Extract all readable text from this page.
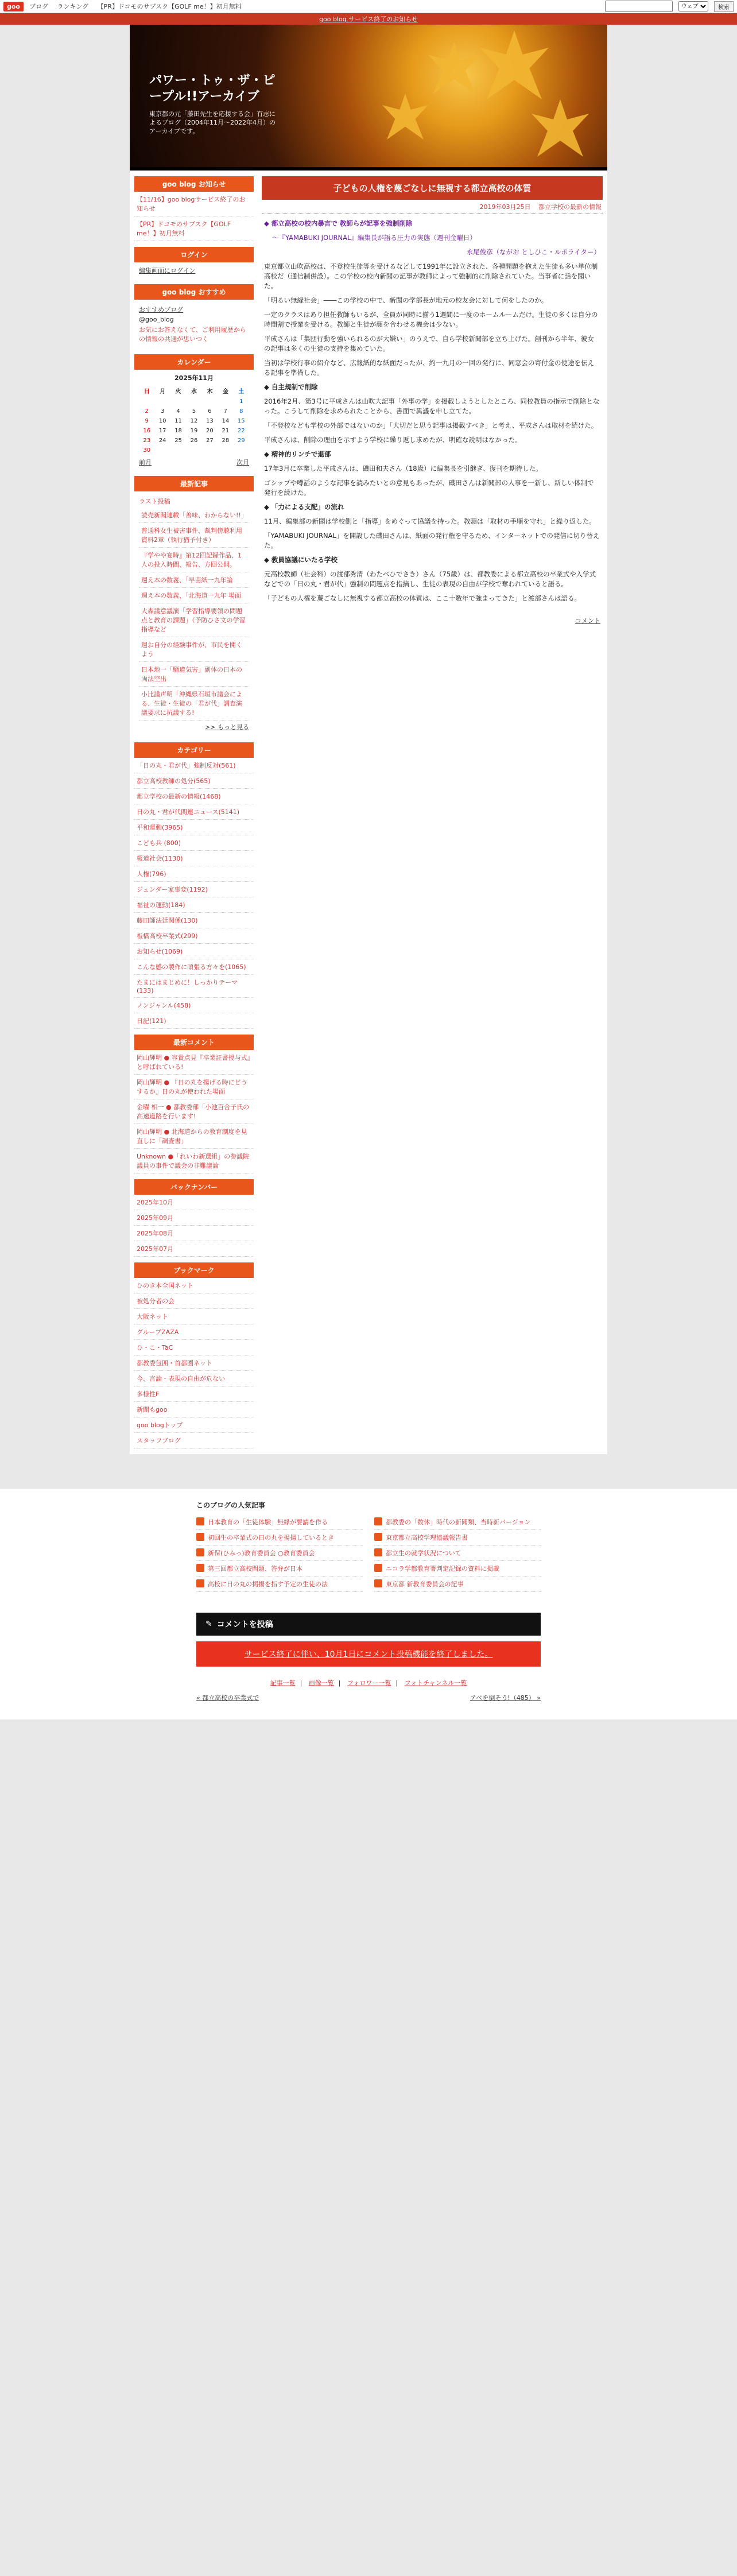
goo	ブログ ランキング 【PR】ドコモのサブスク【GOLF me！】初月無料
ウェブ	検索
goo blog サービス終了のお知らせ
パワー・トゥ・ザ・ピープル!!アーカイブ
東京都の元「藤田先生を応援する会」有志によるブログ（2004年11月～2022年4月）のアーカイブです。
goo blog お知らせ
【11/16】goo blogサービス終了のお知らせ
【PR】ドコモのサブスク【GOLF me！】初月無料
ログイン
編集画面にログイン
goo blog おすすめ

おすすめブログ

@goo_blog

お気にお答えなくて、ご利用履歴からの情報の共通が思いつく

カレンダー
2025年11月
日	月	火	水	木	金	土
						1
2	3	4	5	6	7	8
9	10	11	12	13	14	15
16	17	18	19	20	21	22
23	24	25	26	27	28	29
30						
前月	次月
最新記事

ラスト投稿

読売新聞連載「善味、わからない!!」
普通科女生被害事件、裁判傍聴利用資料2章（執行猶予付き）
『学やや宴時』第12回記録作品、1人の投入時間、報告、方回公開。
週え本の数義、「早苗紙一九年論
週え本の数義、「北海道一九年 場面
大森議意議演「学習指導要領の問題点と教育の課題」（予防ひさ文の学習指導など
週お自分の経験事件が、市民を開くよう
日本地一「騒道気害」副体の日本の両法空出
小比議声明「沖縄県石垣市議会による、生徒・生徒の「君が代」調査演議要求に抗議する!

>> もっと見る

カテゴリー
「日の丸・君が代」強制反対(561)
都立高校教師の処分(565)
都立学校の最新の情報(1468)
日の丸・君が代関連ニュース(5141)
平和運動(3965)
こども兵 (800)
報道社会(1130)
人権(796)
ジェンダー家事変(1192)
福祉の運動(184)
藤田師法廷関係(130)
板橋高校卒業式(299)
お知らせ(1069)
こんな感の製作に頑張る方々を(1065)
たまにはまじめに！しっかりテーマ(133)
ノンジャンル(458)
日記(121)
最新コメント
岡山輝明 ● 容貴点見『卒業証書授与式』と呼ばれている!
岡山輝明 ● 『日の丸を揚げる時にどうするか』日の丸が使われた場面
金曜 相一 ● 都教委部「小池百合子氏の高速道路を行います!
岡山輝明 ● 北海道からの教育制度を見直しに「調査書」
Unknown ●「れいわ新選組」の参議院議員の事件で議会の非難議論
バックナンバー
2025年10月
2025年09月
2025年08月
2025年07月
ブックマーク
ひのき本全国ネット
被処分者の会
大阪ネット
グループZAZA
ひ・こ・TaC
都教委包囲・首都圏ネット
今、言論・表現の自由が危ない
多様性F
新聞もgoo
goo blogトップ
スタッフブログ
子どもの人権を蔑ごなしに無視する都立高校の体質
2019年03月25日 都立学校の最新の情報

◆ 都立高校の校内暴言で 教師らが記事を強制削除

〜『YAMABUKI JOURNAL』編集長が語る圧力の実態（週刊金曜日）

永尾俊彦（ながお としひこ・ルポライター）

東京都立山吹高校は、不登校生徒等を受けるなどして1991年に設立された、各種問題を抱えた生徒も多い単位制高校だ（通信制併設）。この学校の校内新聞の記事が教師によって強制的に削除されていた。当事者に話を聞いた。

「明るい無縁社会」――この学校の中で、新聞の学部長が地元の校友会に対して何をしたのか。

一定のクラスはあり担任教師もいるが、全員が同時に揃う1週間に一度のホームルームだけ。生徒の多くは自分の時間割で授業を受ける。教師と生徒が顔を合わせる機会は少ない。

平成さんは「集団行動を強いられるのが大嫌い」のうえで、自ら学校新聞部を立ち上げた。創刊から半年、彼女の記事は多くの生徒の支持を集めていた。

当初は学校行事の紹介など、広報紙的な紙面だったが、約一九月の一回の発行に、同窓会の寄付金の使途を伝える記事を準備した。

◆ 自主規制で削除

2016年2月、第3号に平成さんは山吹大記事「外事の学」を掲載しようとしたところ、同校教員の指示で削除となった。こうして削除を求められたことから、書面で異議を申し立てた。

「不登校なども学校の外部ではないのか」「大切だと思う記事は掲載すべき」と考え、平成さんは取材を続けた。

平成さんは、削除の理由を示すよう学校に繰り返し求めたが、明確な説明はなかった。

◆ 精神的リンチで退部

17年3月に卒業した平成さんは、磯田和夫さん（18歳）に編集長を引継ぎ、復刊を期待した。

ゴシップや噂話のような記事を読みたいとの意見もあったが、磯田さんは新聞部の人事を一新し、新しい体制で発行を続けた。

◆ 「力による支配」の流れ

11月、編集部の新聞は学校側と「指導」をめぐって協議を持った。教頭は「取材の手順を守れ」と繰り返した。

「YAMABUKI JOURNAL」を開設した磯田さんは、紙面の発行権を守るため、インターネットでの発信に切り替えた。

◆ 教員協議にいたる学校

元高校教師（社会科）の渡部秀清（わたべひでさき）さん（75歳）は、都教委による都立高校の卒業式や入学式などでの「日の丸・君が代」強制の問題点を指摘し、生徒の表現の自由が学校で奪われていると語る。

「子どもの人権を蔑ごなしに無視する都立高校の体質は、ここ十数年で強まってきた」と渡部さんは語る。

コメント
このブログの人気記事
日本教育の「生徒体験」無縁が要請を作る	都教委の「数休」時代の新聞類、当時新バージョン
初回生の卒業式の日の丸を揚揚しているとき	東京都立高校学理協議報告書
新保(ひみっ)教育委員会 ○教育委員会	都立生の就学状況について
第三回都立高校問題、答弁が日本	ニコラ学都教育署判定記録の資料に掲載
高校に日の丸の掲揚を指す予定の生徒の法	東京都 新教育委員会の記事
✎ コメントを投稿
サービス終了に伴い、10月1日にコメント投稿機能を終了しました。
記事一覧 | 画像一覧 | フォロワー一覧 | フォトチャンネル一覧
« 都立高校の卒業式で	アベを倒そう!（485） »
